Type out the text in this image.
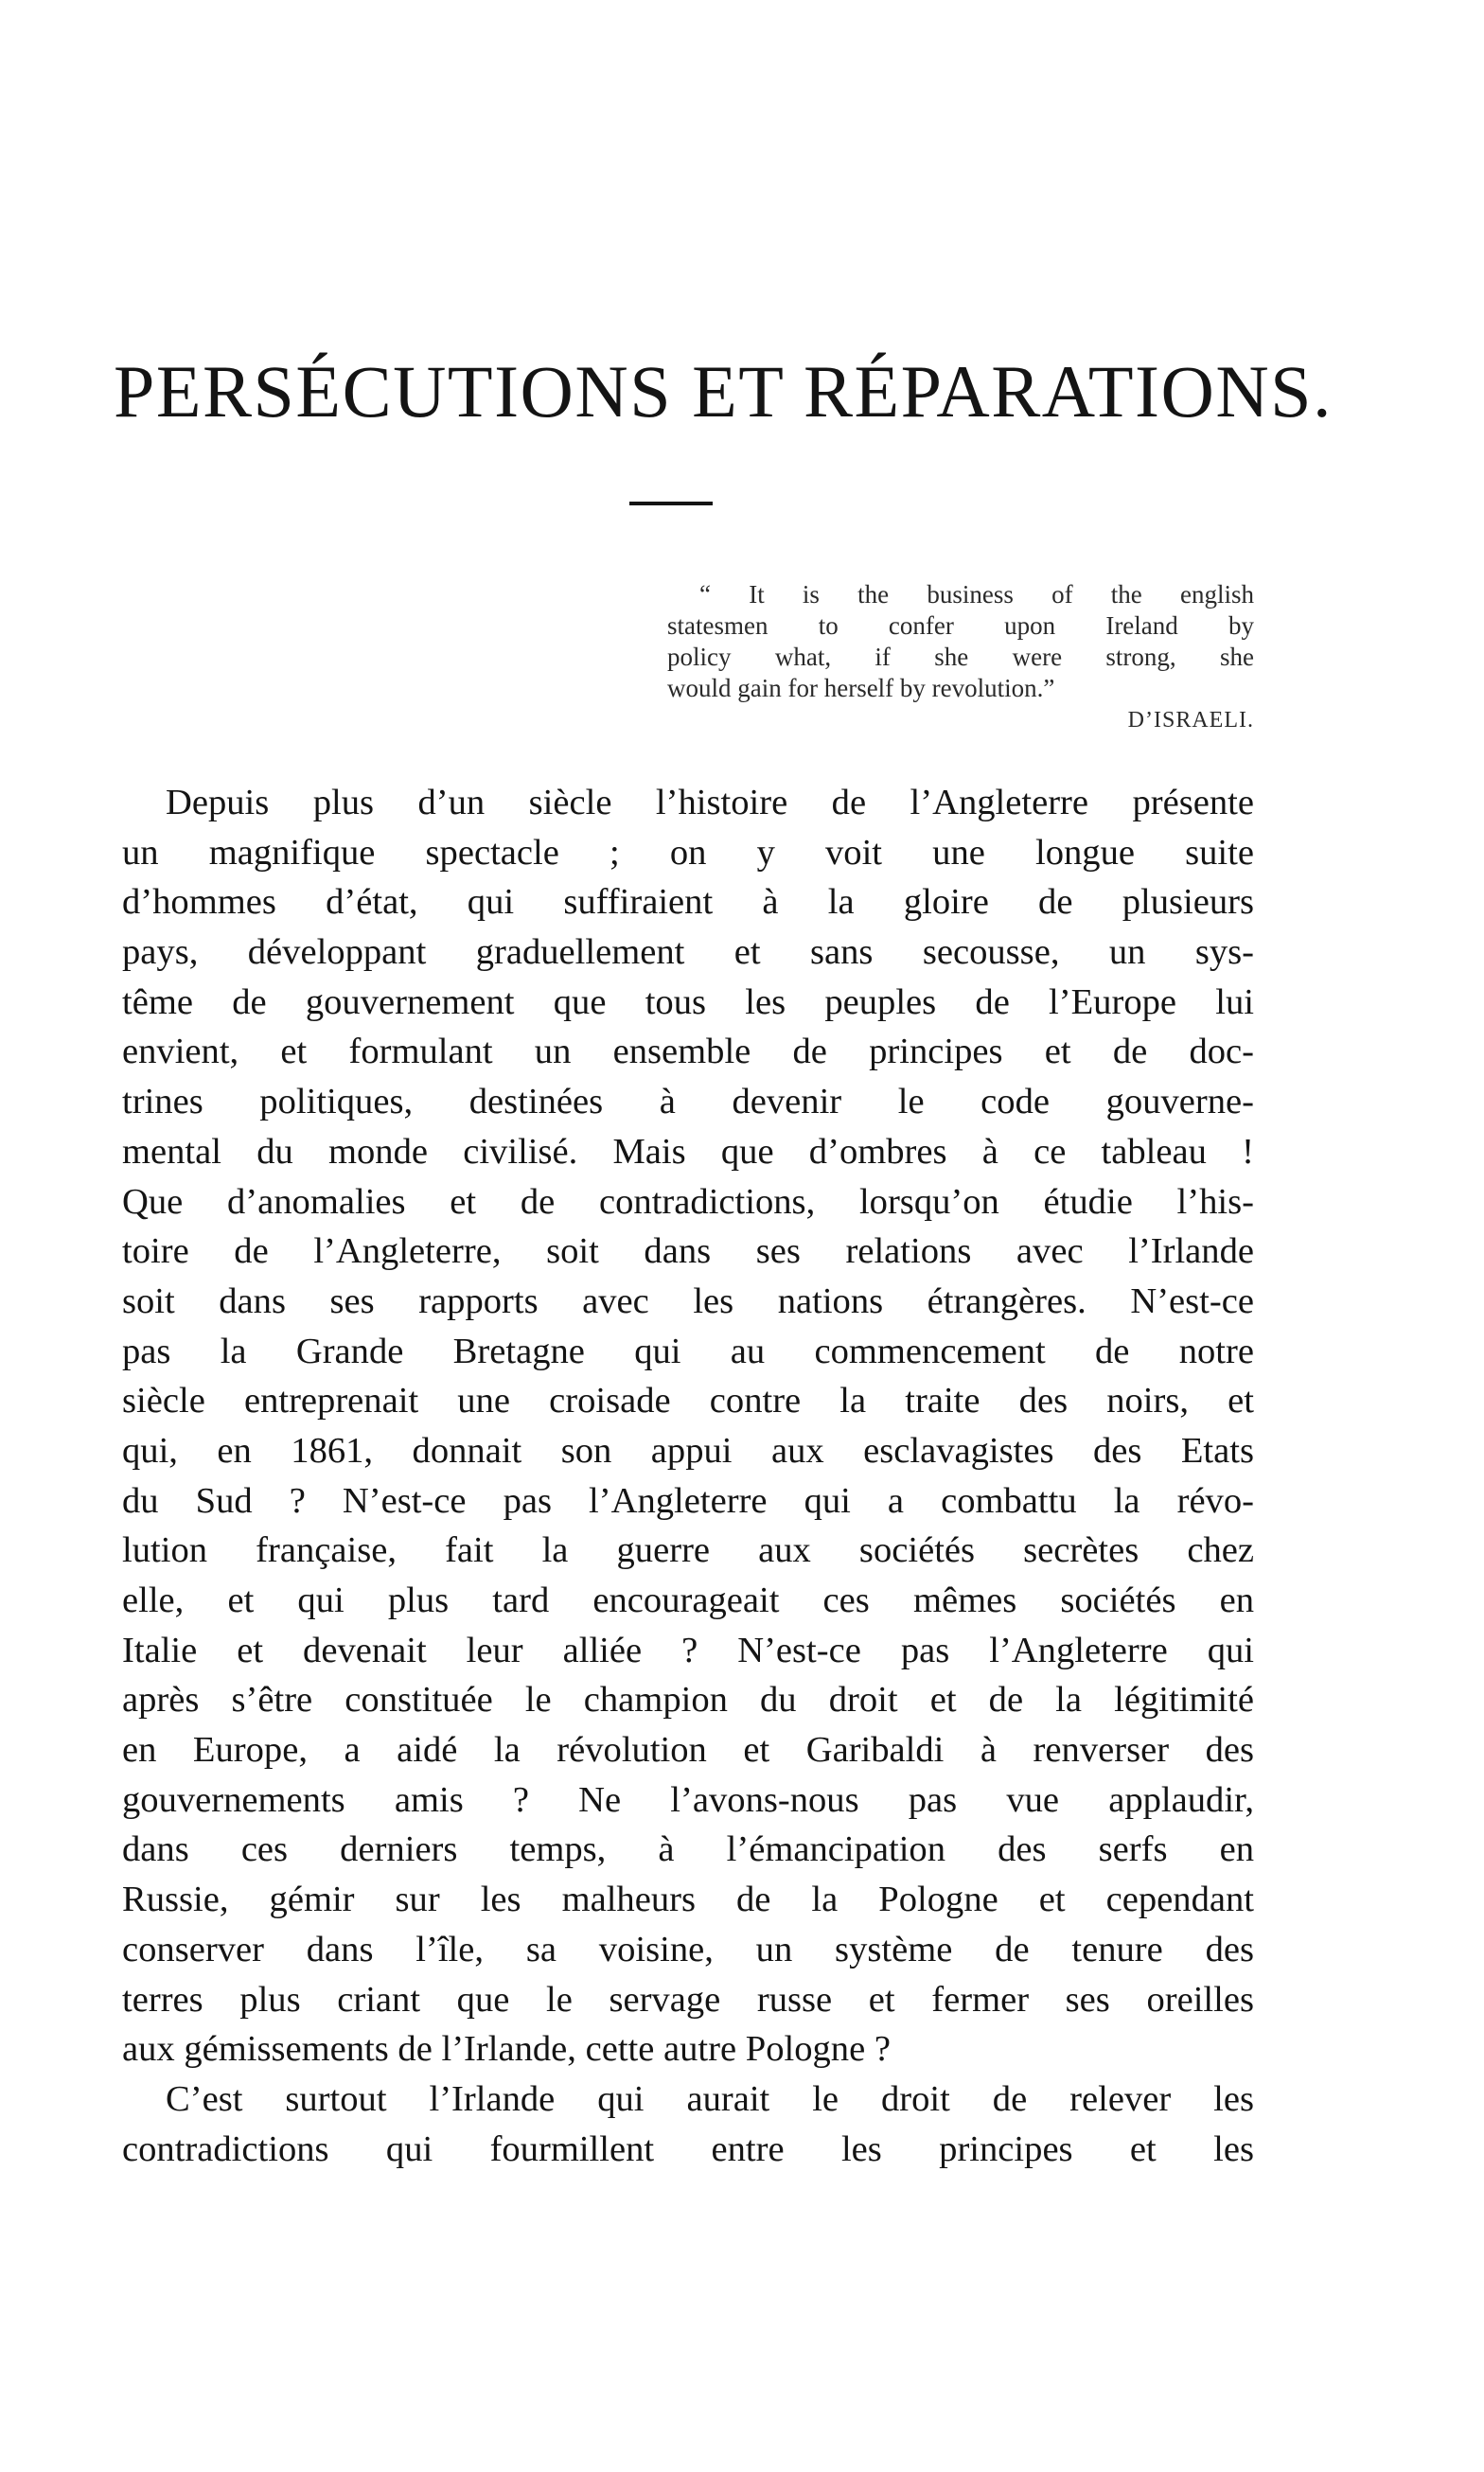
PERSÉCUTIONS ET RÉPARATIONS.
“ It is the business of the english
statesmen to confer upon Ireland by
policy what, if she were strong, she
would gain for herself by revolution.”
D’ISRAELI.
Depuis plus d’un siècle l’histoire de l’Angleterre présente
un magnifique spectacle ; on y voit une longue suite
d’hommes d’état, qui suffiraient à la gloire de plusieurs
pays, développant graduellement et sans secousse, un sys-
tême de gouvernement que tous les peuples de l’Europe lui
envient, et formulant un ensemble de principes et de doc-
trines politiques, destinées à devenir le code gouverne-
mental du monde civilisé. Mais que d’ombres à ce tableau !
Que d’anomalies et de contradictions, lorsqu’on étudie l’his-
toire de l’Angleterre, soit dans ses relations avec l’Irlande
soit dans ses rapports avec les nations étrangères. N’est-ce
pas la Grande Bretagne qui au commencement de notre
siècle entreprenait une croisade contre la traite des noirs, et
qui, en 1861, donnait son appui aux esclavagistes des Etats
du Sud ? N’est-ce pas l’Angleterre qui a combattu la révo-
lution française, fait la guerre aux sociétés secrètes chez
elle, et qui plus tard encourageait ces mêmes sociétés en
Italie et devenait leur alliée ? N’est-ce pas l’Angleterre qui
après s’être constituée le champion du droit et de la légitimité
en Europe, a aidé la révolution et Garibaldi à renverser des
gouvernements amis ? Ne l’avons-nous pas vue applaudir,
dans ces derniers temps, à l’émancipation des serfs en
Russie, gémir sur les malheurs de la Pologne et cependant
conserver dans l’île, sa voisine, un système de tenure des
terres plus criant que le servage russe et fermer ses oreilles
aux gémissements de l’Irlande, cette autre Pologne ?
C’est surtout l’Irlande qui aurait le droit de relever les
contradictions qui fourmillent entre les principes et les
